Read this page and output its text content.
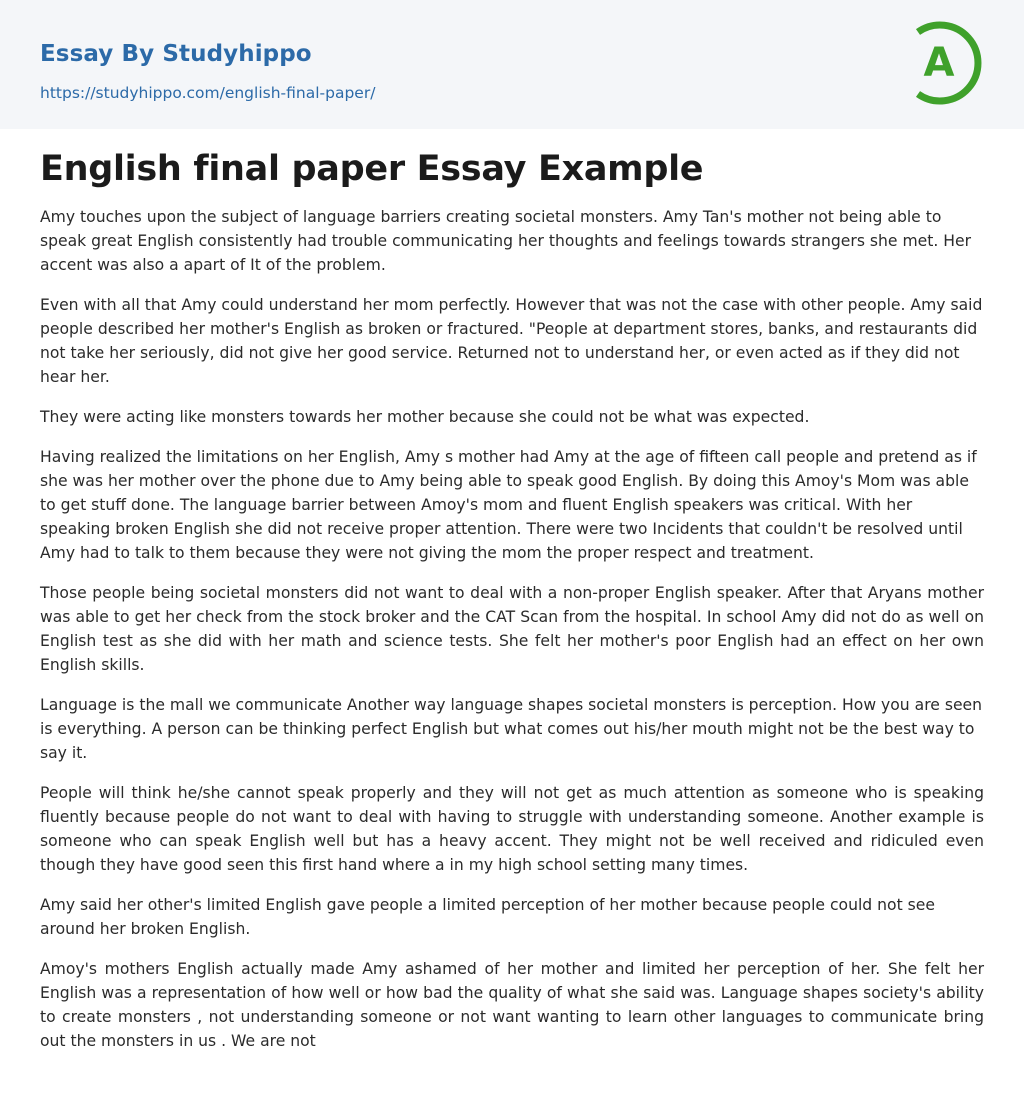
Essay By Studyhippo
https://studyhippo.com/english-final-paper/
A
English final paper Essay Example

Amy touches upon the subject of language barriers creating societal monsters. Amy Tan's mother not being able to speak great English consistently had trouble communicating her thoughts and feelings towards strangers she met. Her accent was also a apart of It of the problem.

Even with all that Amy could understand her mom perfectly. However that was not the case with other people. Amy said people described her mother's English as broken or fractured. "People at department stores, banks, and restaurants did not take her seriously, did not give her good service. Returned not to understand her, or even acted as if they did not hear her.

They were acting like monsters towards her mother because she could not be what was expected.

Having realized the limitations on her English, Amy s mother had Amy at the age of fifteen call people and pretend as if she was her mother over the phone due to Amy being able to speak good English. By doing this Amoy's Mom was able to get stuff done. The language barrier between Amoy's mom and fluent English speakers was critical. With her speaking broken English she did not receive proper attention. There were two Incidents that couldn't be resolved until Amy had to talk to them because they were not giving the mom the proper respect and treatment.

Those people being societal monsters did not want to deal with a non-proper English speaker. After that Aryans mother was able to get her check from the stock broker and the CAT Scan from the hospital. In school Amy did not do as well on English test as she did with her math and science tests. She felt her mother's poor English had an effect on her own English skills.

Language is the mall we communicate Another way language shapes societal monsters is perception. How you are seen is everything. A person can be thinking perfect English but what comes out his/her mouth might not be the best way to say it.

People will think he/she cannot speak properly and they will not get as much attention as someone who is speaking fluently because people do not want to deal with having to struggle with understanding someone. Another example is someone who can speak English well but has a heavy accent. They might not be well received and ridiculed even though they have good seen this first hand where a in my high school setting many times.

Amy said her other's limited English gave people a limited perception of her mother because people could not see around her broken English.

Amoy's mothers English actually made Amy ashamed of her mother and limited her perception of her. She felt her English was a representation of how well or how bad the quality of what she said was. Language shapes society's ability to create monsters , not understanding someone or not want wanting to learn other languages to communicate bring out the monsters in us . We are not
